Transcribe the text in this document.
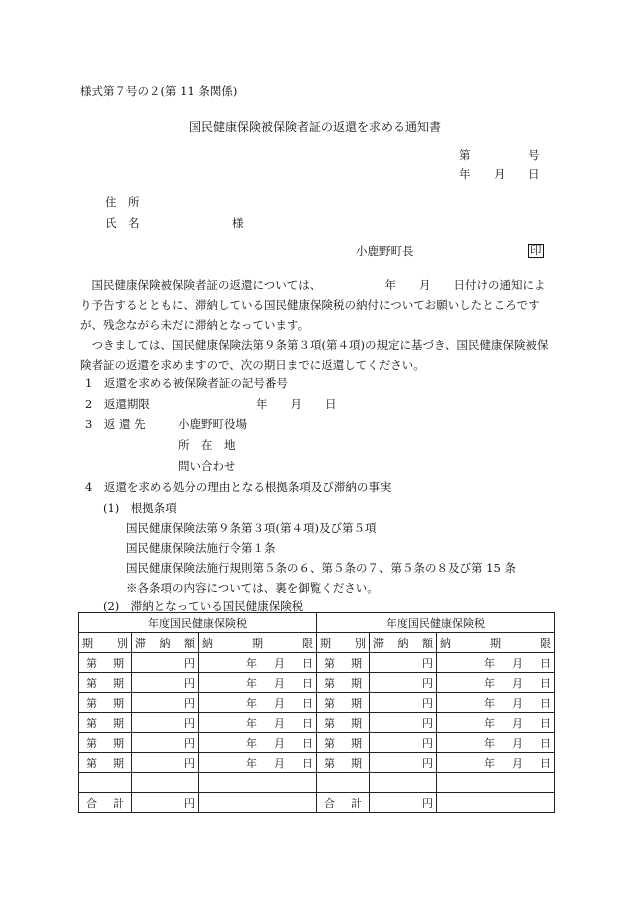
様式第７号の２(第 11 条関係)
国民健康保険被保険者証の返還を求める通知書
第	号
年 月 日
住　所
氏　名	様
小鹿野町長	印
国民健康保険被保険者証の返還については、　　　　　　年　　月　　日付けの通知により予告するとともに、滞納している国民健康保険税の納付についてお願いしたところですが、残念ながら未だに滞納となっています。
つきましては、国民健康保険法第９条第３項(第４項)の規定に基づき、国民健康保険被保険者証の返還を求めますので、次の期日までに返還してください。
1　返還を求める被保険者証の記号番号
2　返還期限	年　　月　　日
3　返 還 先	小鹿野町役場
所　在　地
問い合わせ
4　返還を求める処分の理由となる根拠条項及び滞納の事実
(1)　根拠条項
国民健康保険法第９条第３項(第４項)及び第５項
国民健康保険法施行令第１条
国民健康保険法施行規則第５条の６、第５条の７、第５条の８及び第 15 条
※各条項の内容については、裏を御覧ください。
(2)　滞納となっている国民健康保険税
年度国民健康保険税			年度国民健康保険税		

期 別	滞 納 額	納 期 限	期 別	滞 納 額	納 期 限

第 期	円	年 月 日	第 期	円	年 月 日

第 期	円	年 月 日	第 期	円	年 月 日

第 期	円	年 月 日	第 期	円	年 月 日

第 期	円	年 月 日	第 期	円	年 月 日

第 期	円	年 月 日	第 期	円	年 月 日

第 期	円	年 月 日	第 期	円	年 月 日

合 計	円		合 計	円	
